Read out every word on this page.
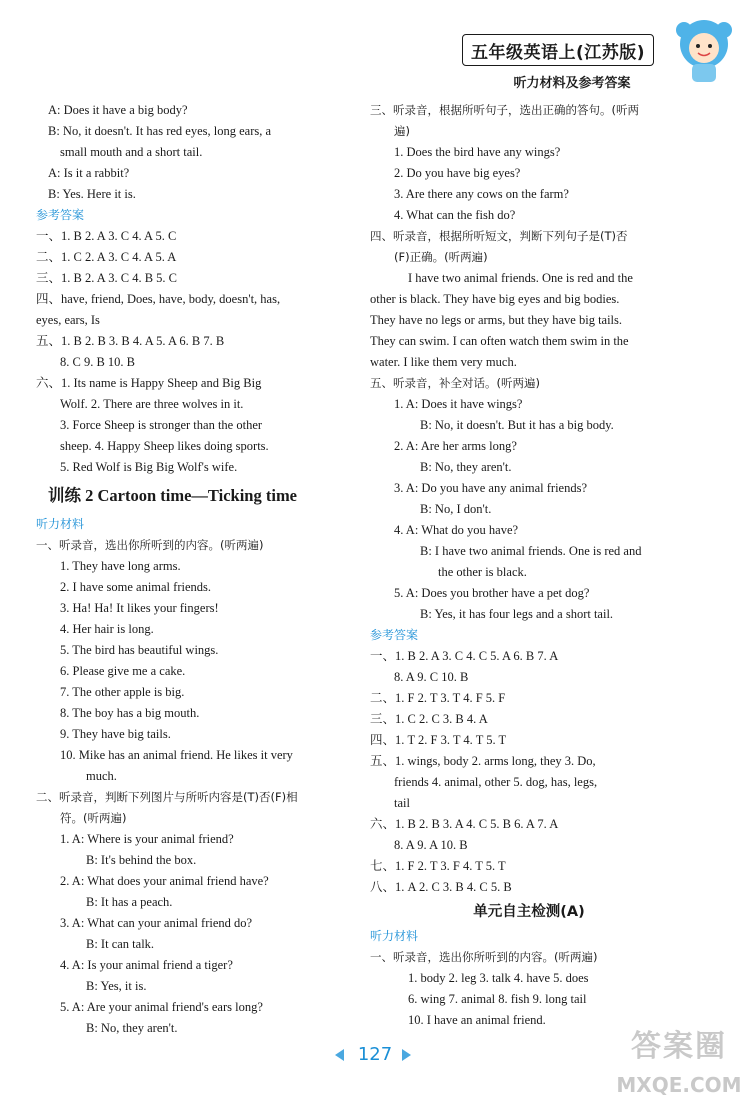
五年级英语上(江苏版)
听力材料及参考答案
A: Does it have a big body?
B: No, it doesn't. It has red eyes, long ears, a
small mouth and a short tail.
A: Is it a rabbit?
B: Yes. Here it is.
参考答案
一、1. B 2. A 3. C 4. A 5. C
二、1. C 2. A 3. C 4. A 5. A
三、1. B 2. A 3. C 4. B 5. C
四、have, friend, Does, have, body, doesn't, has,
eyes, ears, Is
五、1. B 2. B 3. B 4. A 5. A 6. B 7. B
8. C 9. B 10. B
六、1. Its name is Happy Sheep and Big Big
Wolf. 2. There are three wolves in it.
3. Force Sheep is stronger than the other
sheep. 4. Happy Sheep likes doing sports.
5. Red Wolf is Big Big Wolf's wife.
训练 2 Cartoon time—Ticking time
听力材料
一、听录音，选出你所听到的内容。(听两遍)
1. They have long arms.
2. I have some animal friends.
3. Ha! Ha! It likes your fingers!
4. Her hair is long.
5. The bird has beautiful wings.
6. Please give me a cake.
7. The other apple is big.
8. The boy has a big mouth.
9. They have big tails.
10. Mike has an animal friend. He likes it very
much.
二、听录音，判断下列图片与所听内容是(T)否(F)相
符。(听两遍)
1. A: Where is your animal friend?
B: It's behind the box.
2. A: What does your animal friend have?
B: It has a peach.
3. A: What can your animal friend do?
B: It can talk.
4. A: Is your animal friend a tiger?
B: Yes, it is.
5. A: Are your animal friend's ears long?
B: No, they aren't.
三、听录音，根据所听句子，选出正确的答句。(听两
遍)
1. Does the bird have any wings?
2. Do you have big eyes?
3. Are there any cows on the farm?
4. What can the fish do?
四、听录音，根据所听短文，判断下列句子是(T)否
(F)正确。(听两遍)
I have two animal friends. One is red and the
other is black. They have big eyes and big bodies.
They have no legs or arms, but they have big tails.
They can swim. I can often watch them swim in the
water. I like them very much.
五、听录音，补全对话。(听两遍)
1. A: Does it have wings?
B: No, it doesn't. But it has a big body.
2. A: Are her arms long?
B: No, they aren't.
3. A: Do you have any animal friends?
B: No, I don't.
4. A: What do you have?
B: I have two animal friends. One is red and
the other is black.
5. A: Does you brother have a pet dog?
B: Yes, it has four legs and a short tail.
参考答案
一、1. B 2. A 3. C 4. C 5. A 6. B 7. A
8. A 9. C 10. B
二、1. F 2. T 3. T 4. F 5. F
三、1. C 2. C 3. B 4. A
四、1. T 2. F 3. T 4. T 5. T
五、1. wings, body 2. arms long, they 3. Do,
friends 4. animal, other 5. dog, has, legs,
tail
六、1. B 2. B 3. A 4. C 5. B 6. A 7. A
8. A 9. A 10. B
七、1. F 2. T 3. F 4. T 5. T
八、1. A 2. C 3. B 4. C 5. B
单元自主检测(A)
听力材料
一、听录音，选出你所听到的内容。(听两遍)
1. body 2. leg 3. talk 4. have 5. does
6. wing 7. animal 8. fish 9. long tail
10. I have an animal friend.
127	答案圈
MXQE.COM
